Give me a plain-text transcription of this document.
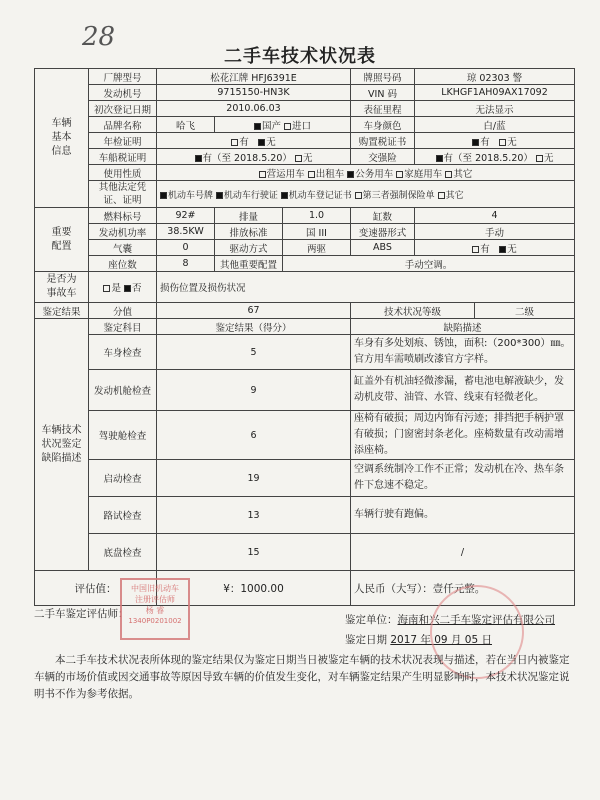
28
二手车技术状况表
车辆
基本
信息	厂牌型号	松花江牌 HFJ6391E			牌照号码	琼 02303 警	
	发动机号	9715150-HN3K			VIN 码	LKHGF1AH09AX17092	
	初次登记日期	2010.06.03			表征里程	无法显示	
	品牌名称	哈飞	国产 进口		车身颜色	白/蓝	
	年检证明	有　 无			购置税证书	有　 无	
	车船税证明	有（至 2018.5.20） 无			交强险	有（至 2018.5.20） 无	
	使用性质	营运用车 出租车 公务用车 家庭用车 其它					
	其他法定凭证、证明	机动车号牌 机动车行驶证 机动车登记证书 第三者强制保险单 其它					

重要
配置	燃料标号	92#	排量	1.0	缸数	4	
	发动机功率	38.5KW	排放标准	国 III	变速器形式	手动	
	气囊	0	驱动方式	两驱	ABS	有　 无	
	座位数	8	其他重要配置	手动空调。			
是否为
事故车	是 否	损伤位置及损伤状况					
鉴定结果	分值	67			技术状况等级		二级
车辆技术
状况鉴定
缺陷描述	鉴定科目	鉴定结果（得分）			缺陷描述		
	车身检查	5			车身有多处划痕、锈蚀，面积:（200*300）㎜。官方用车需喷刷改漆官方字样。		
	发动机舱检查	9			缸盖外有机油轻微渗漏，蓄电池电解液缺少，发动机皮带、油管、水管、线束有轻微老化。		
	驾驶舱检查	6			座椅有破损；周边内饰有污迹；排挡把手柄护罩有破损；门窗密封条老化。座椅数量有改动需增添座椅。		
	启动检查	19			空调系统制冷工作不正常；发动机在冷、热车条件下怠速不稳定。		
	路试检查	13			车辆行驶有跑偏。		
	底盘检查	15			/		
评估值：		¥：1000.00			人民币（大写）：壹仟元整。		
二手车鉴定评估师：
中国旧机动车
注册评估师
杨 睿
1340P0201002	鉴定单位：海南和兴二手车鉴定评估有限公司
鉴定日期 2017 年 09 月 05 日
本二手车技术状况表所体现的鉴定结果仅为鉴定日期当日被鉴定车辆的技术状况表现与描述，若在当日内被鉴定车辆的市场价值或因交通事故等原因导致车辆的价值发生变化，对车辆鉴定结果产生明显影响时，本技术状况鉴定说明书不作为参考依据。
